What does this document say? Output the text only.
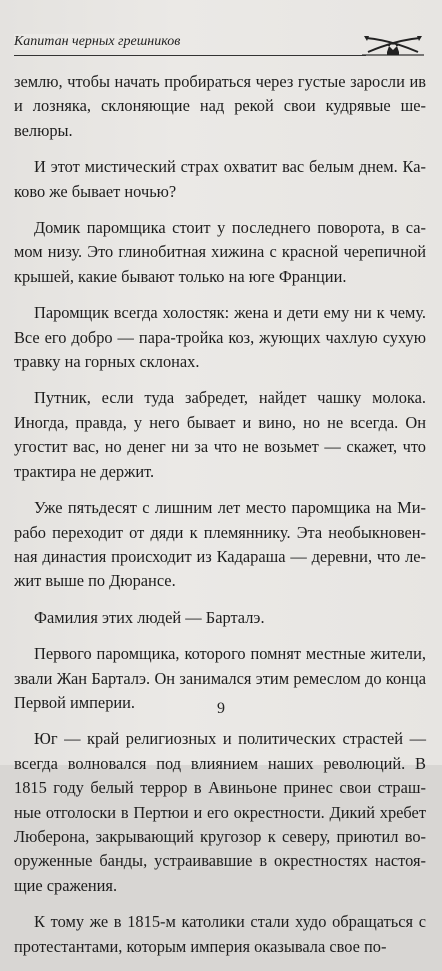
Капитан черных грешников

землю, чтобы начать пробираться через густые заросли ив и лозняка, склоняющие над рекой свои кудрявые шевелюры.

И этот мистический страх охватит вас белым днем. Каково же бывает ночью?

Домик паромщика стоит у последнего поворота, в самом низу. Это глинобитная хижина с красной черепичной крышей, какие бывают только на юге Франции.

Паромщик всегда холостяк: жена и дети ему ни к чему. Все его добро — пара-тройка коз, жующих чахлую сухую травку на горных склонах.

Путник, если туда забредет, найдет чашку молока. Иногда, правда, у него бывает и вино, но не всегда. Он угостит вас, но денег ни за что не возьмет — скажет, что трактира не держит.

Уже пятьдесят с лишним лет место паромщика на Мирабо переходит от дяди к племяннику. Эта необыкновенная династия происходит из Кадараша — деревни, что лежит выше по Дюрансе.

Фамилия этих людей — Барталэ.

Первого паромщика, которого помнят местные жители, звали Жан Барталэ. Он занимался этим ремеслом до конца Первой империи.

Юг — край религиозных и политических страстей — всегда волновался под влиянием наших революций. В 1815 году белый террор в Авиньоне принес свои страшные отголоски в Пертюи и его окрестности. Дикий хребет Люберона, закрывающий кругозор к северу, приютил вооруженные банды, устраивавшие в окрестностях настоящие сражения.

К тому же в 1815-м католики стали худо обращаться с протестантами, которым империя оказывала свое по-

9
